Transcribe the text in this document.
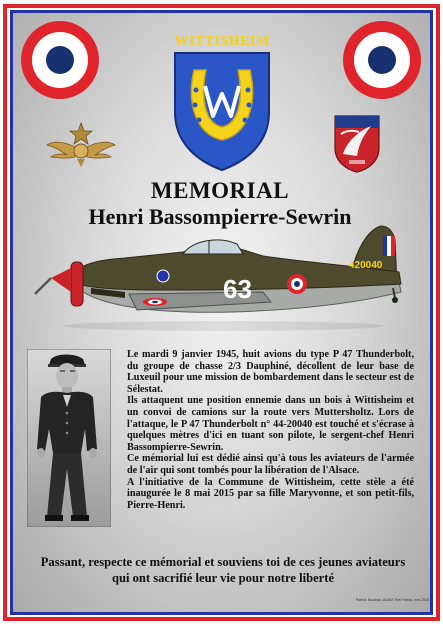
WITTISHEIM
MEMORIAL
Henri Bassompierre-Sewrin
63
420040

Le mardi 9 janvier 1945, huit avions du type P 47 Thunderbolt, du groupe de chasse 2/3 Dauphiné, décollent de leur base de Luxeuil pour une mission de bombardement dans le secteur est de Sélestat.

Ils attaquent une position ennemie dans un bois à Wittisheim et un convoi de camions sur la route vers Muttersholtz. Lors de l'attaque, le P 47 Thunderbolt n° 44-20040 est touché et s'écrase à quelques mètres d'ici en tuant son pilote, le sergent-chef Henri Bassompierre-Sewrin.

Ce mémorial lui est dédié ainsi qu'à tous les aviateurs de l'armée de l'air qui sont tombés pour la libération de l'Alsace.

A l'initiative de la Commune de Wittisheim, cette stèle a été inaugurée le 8 mai 2015 par sa fille Maryvonne, et son petit-fils, Pierre-Henri.

Passant, respecte ce mémorial et souviens toi de ces jeunes aviateurs
qui ont sacrifié leur vie pour notre liberté
Patrick Bouleau, ADAM Thét Fabus, mai 2015
